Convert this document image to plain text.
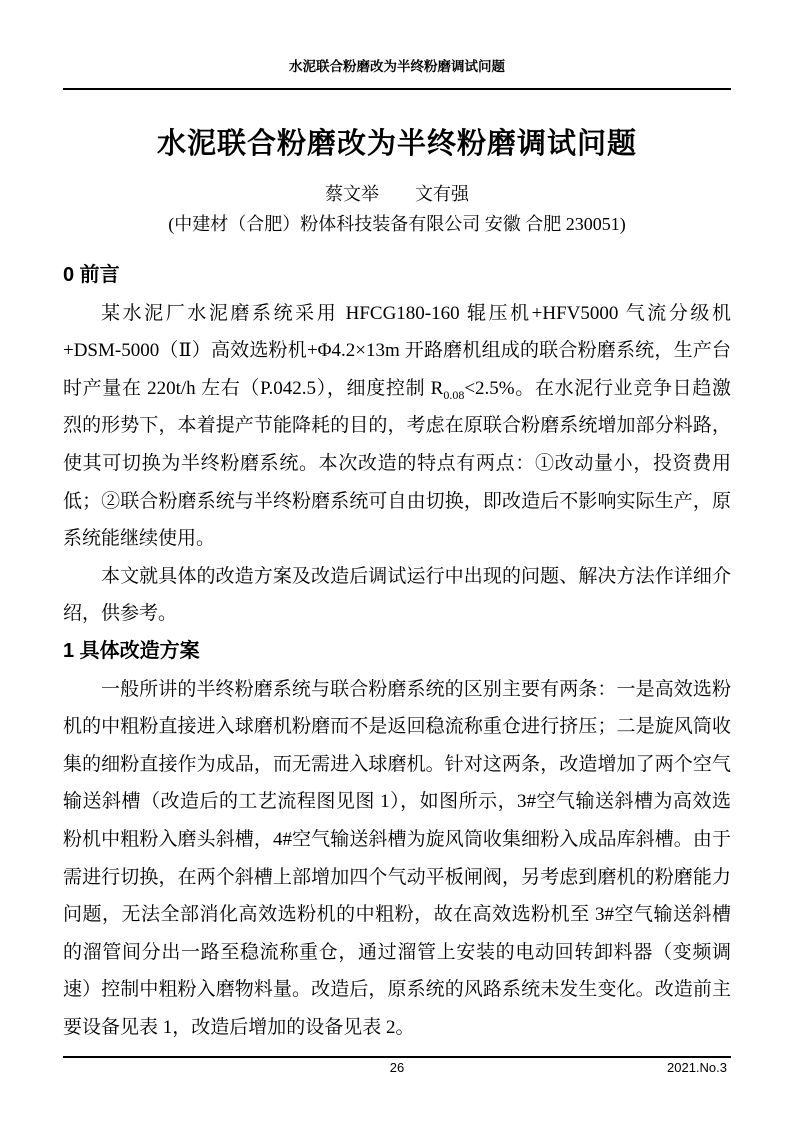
水泥联合粉磨改为半终粉磨调试问题
水泥联合粉磨改为半终粉磨调试问题
蔡文举 文有强
(中建材（合肥）粉体科技装备有限公司 安徽 合肥 230051)
0 前言

某水泥厂水泥磨系统采用 HFCG180-160 辊压机+HFV5000 气流分级机+DSM-5000（Ⅱ）高效选粉机+Φ4.2×13m 开路磨机组成的联合粉磨系统，生产台时产量在 220t/h 左右（P.042.5），细度控制 $R_{0.08}<2.5\%$。在水泥行业竞争日趋激烈的形势下，本着提产节能降耗的目的，考虑在原联合粉磨系统增加部分料路，使其可切换为半终粉磨系统。本次改造的特点有两点：①改动量小，投资费用低；②联合粉磨系统与半终粉磨系统可自由切换，即改造后不影响实际生产，原系统能继续使用。

本文就具体的改造方案及改造后调试运行中出现的问题、解决方法作详细介绍，供参考。

1 具体改造方案

一般所讲的半终粉磨系统与联合粉磨系统的区别主要有两条：一是高效选粉机的中粗粉直接进入球磨机粉磨而不是返回稳流称重仓进行挤压；二是旋风筒收集的细粉直接作为成品，而无需进入球磨机。针对这两条，改造增加了两个空气输送斜槽（改造后的工艺流程图见图 1），如图所示，3#空气输送斜槽为高效选粉机中粗粉入磨头斜槽，4#空气输送斜槽为旋风筒收集细粉入成品库斜槽。由于需进行切换，在两个斜槽上部增加四个气动平板闸阀，另考虑到磨机的粉磨能力问题，无法全部消化高效选粉机的中粗粉，故在高效选粉机至 3#空气输送斜槽的溜管间分出一路至稳流称重仓，通过溜管上安装的电动回转卸料器（变频调速）控制中粗粉入磨物料量。改造后，原系统的风路系统未发生变化。改造前主要设备见表 1，改造后增加的设备见表 2。

26	2021.No.3
